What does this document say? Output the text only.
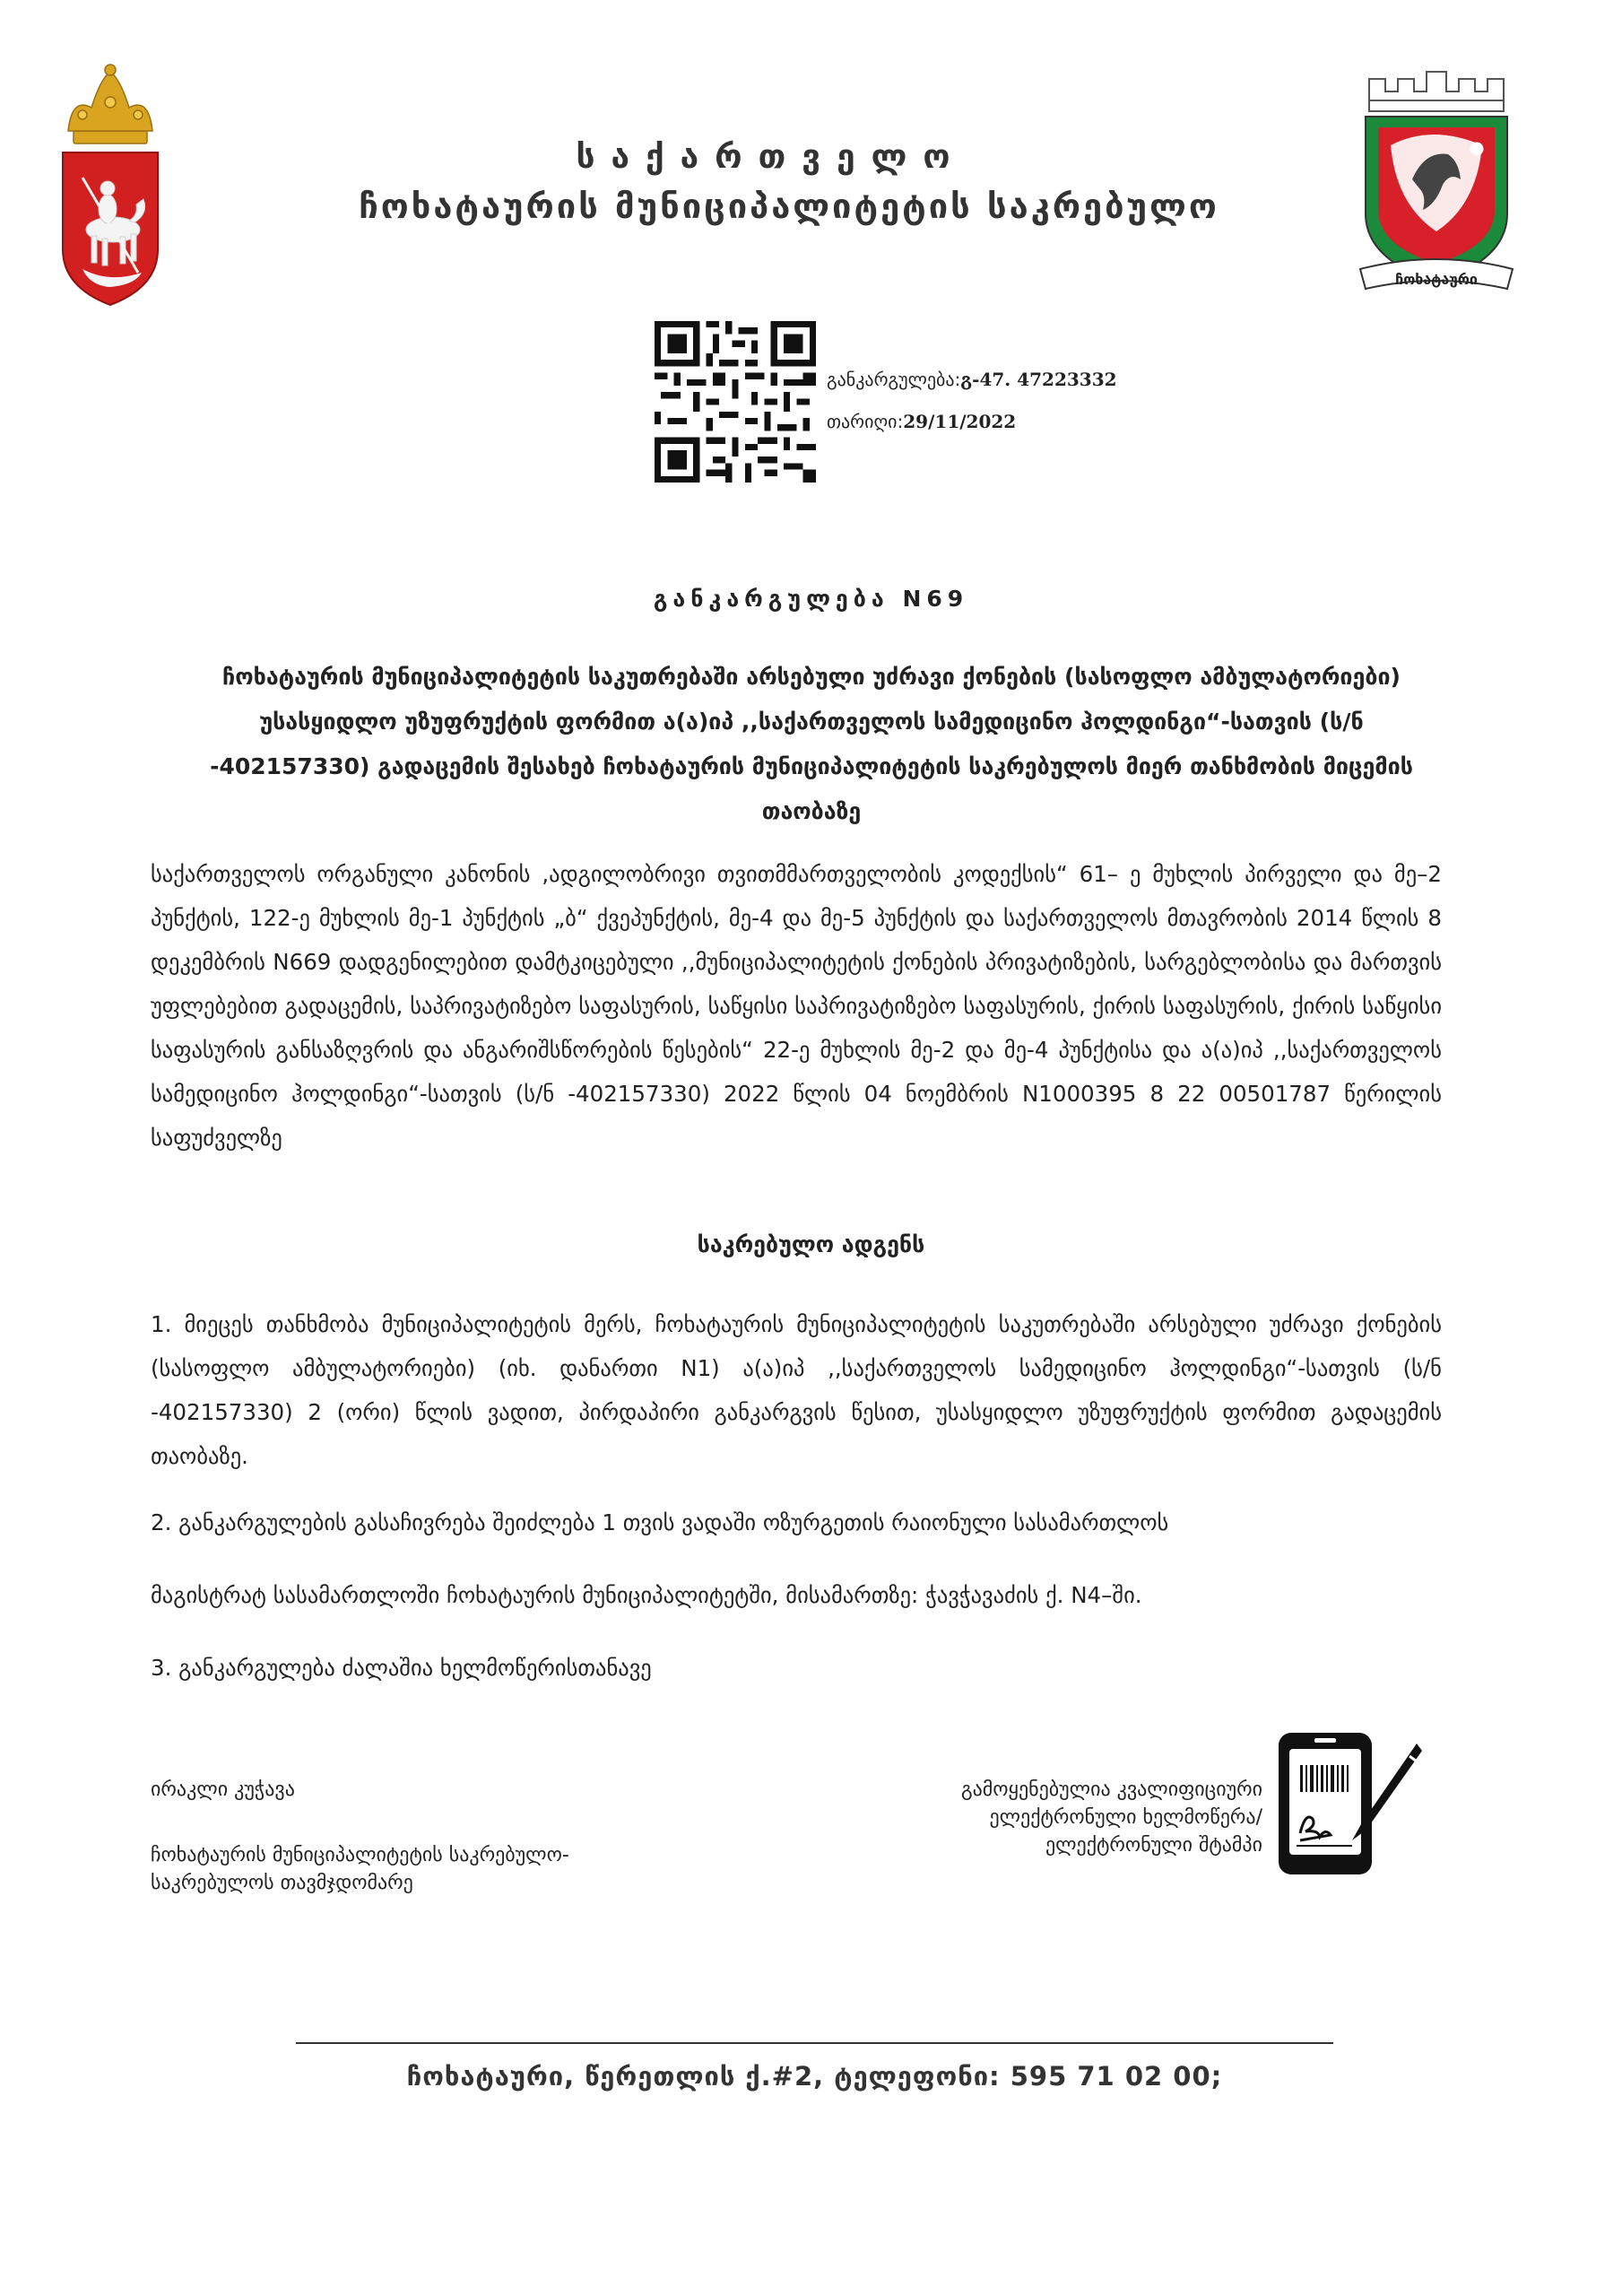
ჩოხატაური
საქართველო
ჩოხატაურის მუნიციპალიტეტის საკრებულო
განკარგულება:გ-47. 47223332
თარიღი:29/11/2022
განკარგულება N69
ჩოხატაურის მუნიციპალიტეტის საკუთრებაში არსებული უძრავი ქონების (სასოფლო ამბულატორიები) უსასყიდლო უზუფრუქტის ფორმით ა(ა)იპ ,,საქართველოს სამედიცინო ჰოლდინგი“-სათვის (ს/ნ -402157330) გადაცემის შესახებ ჩოხატაურის მუნიციპალიტეტის საკრებულოს მიერ თანხმობის მიცემის თაობაზე
საქართველოს ორგანული კანონის ,ადგილობრივი თვითმმართველობის კოდექსის“ 61– ე მუხლის პირველი და მე–2 პუნქტის, 122-ე მუხლის მე-1 პუნქტის „ბ“ ქვეპუნქტის, მე-4 და მე-5 პუნქტის და საქართველოს მთავრობის 2014 წლის 8 დეკემბრის N669 დადგენილებით დამტკიცებული ,,მუნიციპალიტეტის ქონების პრივატიზების, სარგებლობისა და მართვის უფლებებით გადაცემის, საპრივატიზებო საფასურის, საწყისი საპრივატიზებო საფასურის, ქირის საფასურის, ქირის საწყისი საფასურის განსაზღვრის და ანგარიშსწორების წესების“ 22-ე მუხლის მე-2 და მე-4 პუნქტისა და ა(ა)იპ ,,საქართველოს სამედიცინო ჰოლდინგი“-სათვის (ს/ნ -402157330) 2022 წლის 04 ნოემბრის N1000395 8 22 00501787 წერილის საფუძველზე
საკრებულო ადგენს
1. მიეცეს თანხმობა მუნიციპალიტეტის მერს, ჩოხატაურის მუნიციპალიტეტის საკუთრებაში არსებული უძრავი ქონების (სასოფლო ამბულატორიები) (იხ. დანართი N1) ა(ა)იპ ,,საქართველოს სამედიცინო ჰოლდინგი“-სათვის (ს/ნ -402157330) 2 (ორი) წლის ვადით, პირდაპირი განკარგვის წესით, უსასყიდლო უზუფრუქტის ფორმით გადაცემის თაობაზე.
2. განკარგულების გასაჩივრება შეიძლება 1 თვის ვადაში ოზურგეთის რაიონული სასამართლოს
მაგისტრატ სასამართლოში ჩოხატაურის მუნიციპალიტეტში, მისამართზე: ჭავჭავაძის ქ. N4–ში.
3. განკარგულება ძალაშია ხელმოწერისთანავე
ირაკლი კუჭავა
ჩოხატაურის მუნიციპალიტეტის საკრებულო-
საკრებულოს თავმჯდომარე
გამოყენებულია კვალიფიციური
ელექტრონული ხელმოწერა/
ელექტრონული შტამპი
ჩოხატაური, წერეთლის ქ.#2, ტელეფონი: 595 71 02 00;
